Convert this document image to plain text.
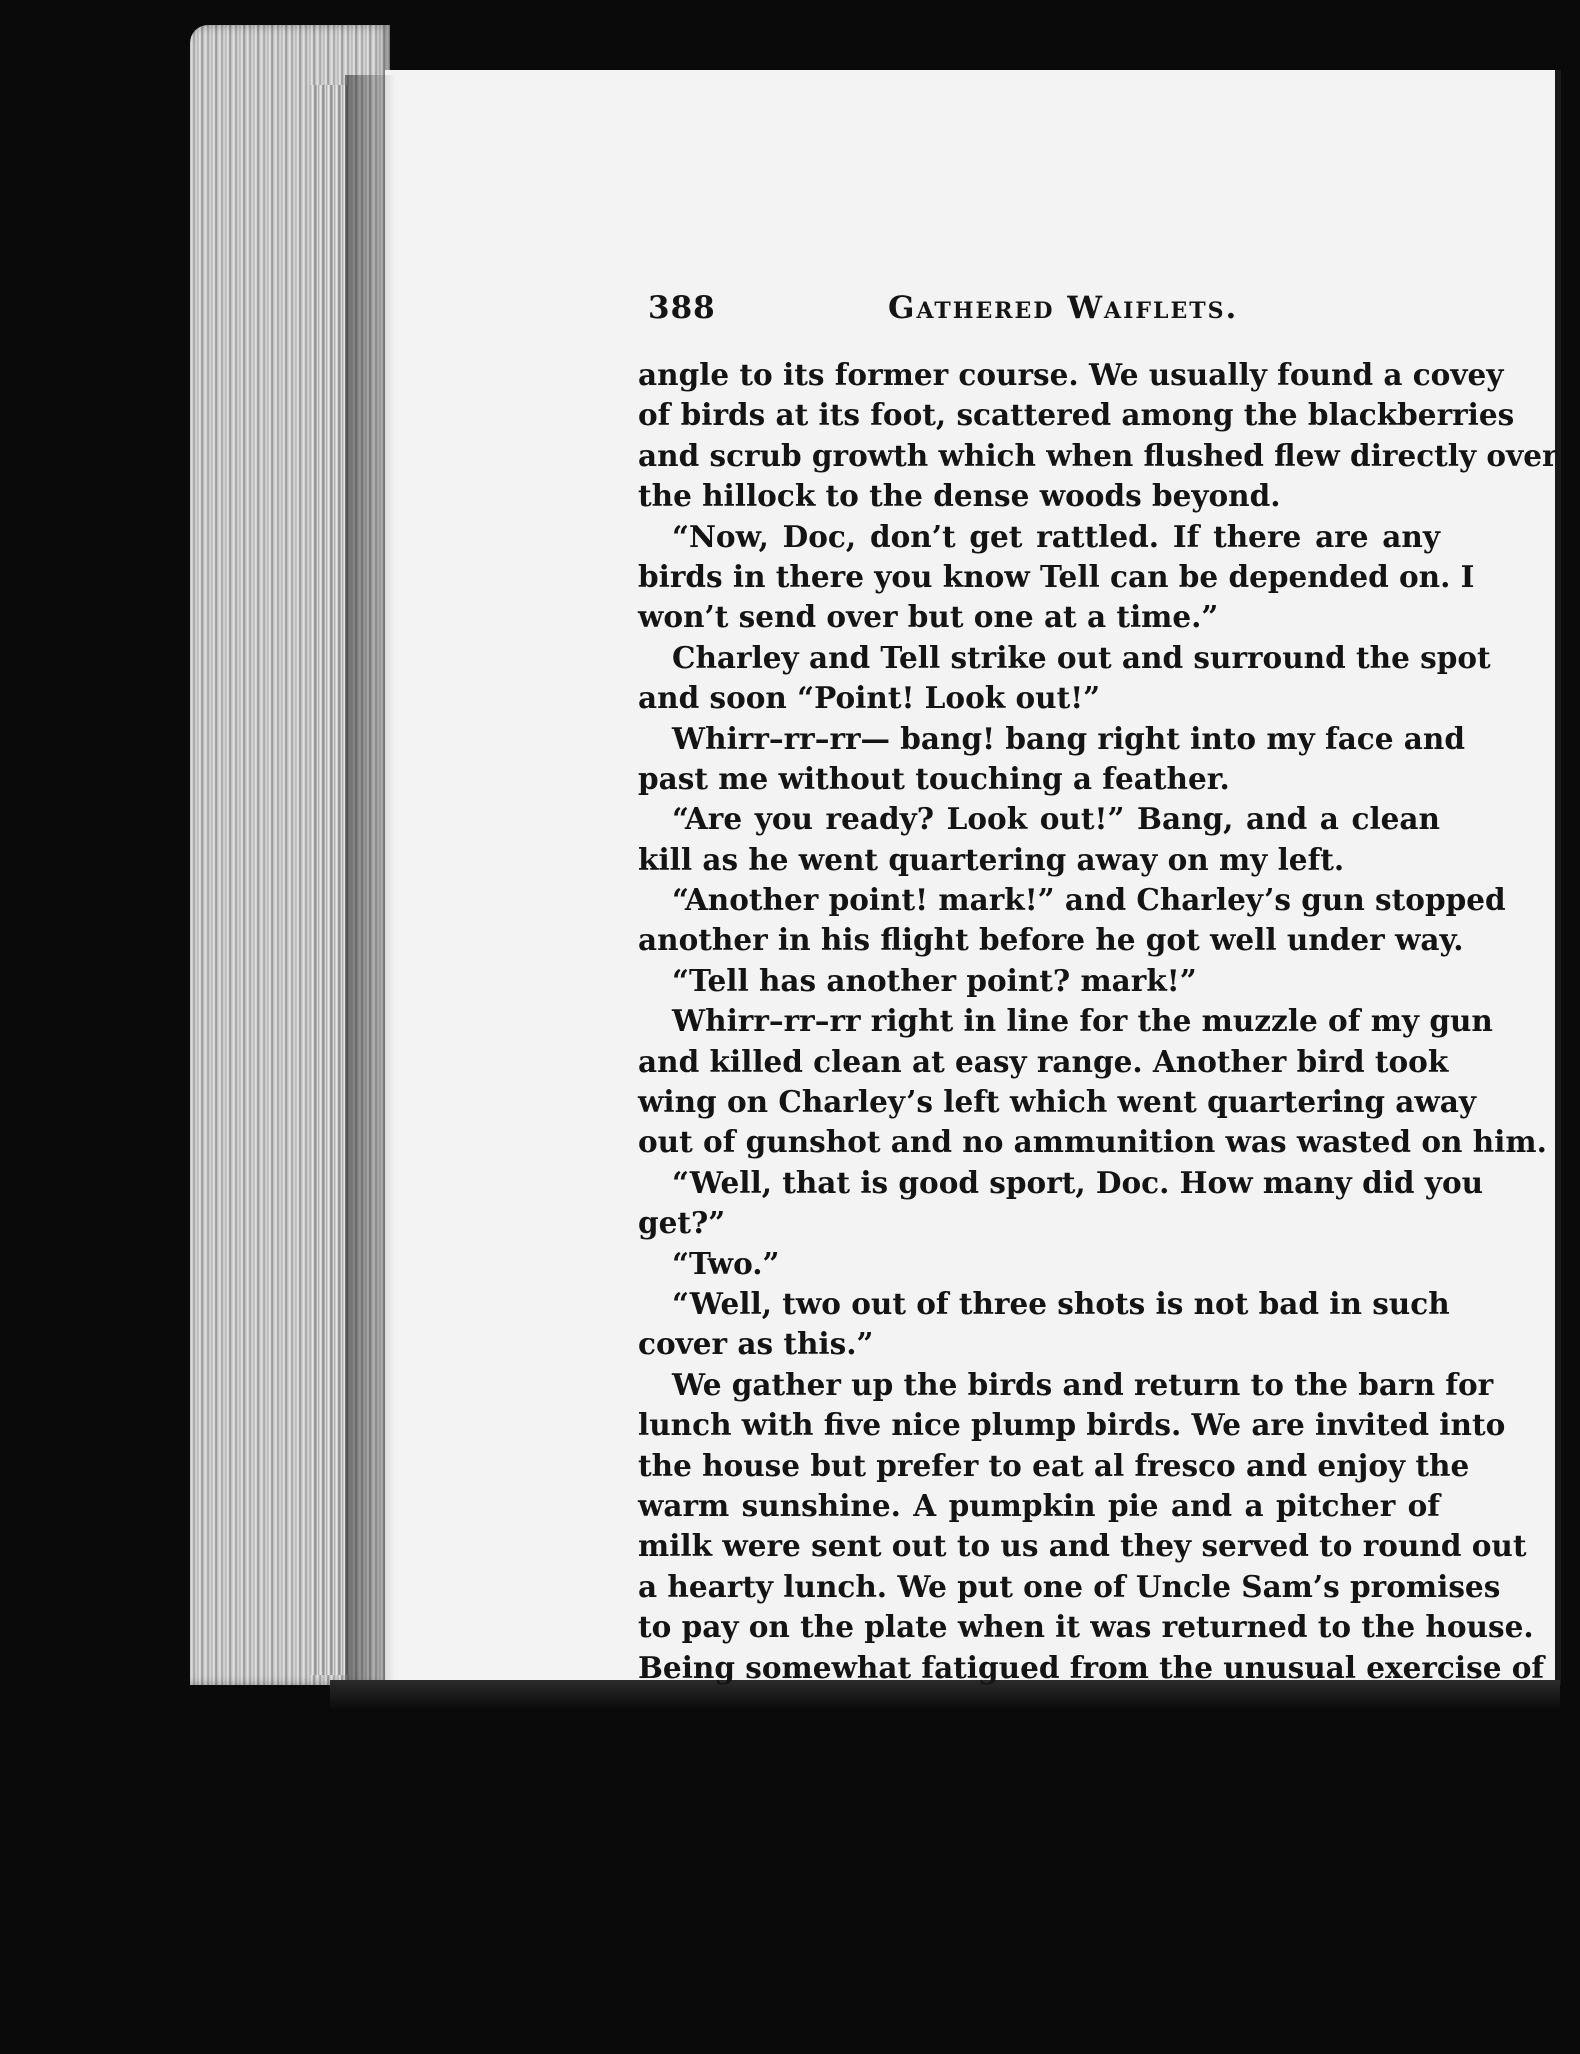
388	Gathered Waiflets.
angle to its former course. We usually found a covey
of birds at its foot, scattered among the blackberries
and scrub growth which when flushed flew directly over
the hillock to the dense woods beyond.
“Now, Doc, don’t get rattled. If there are any
birds in there you know Tell can be depended on. I
won’t send over but one at a time.”
Charley and Tell strike out and surround the spot
and soon “Point! Look out!”
Whirr–rr–rr— bang! bang right into my face and
past me without touching a feather.
“Are you ready? Look out!” Bang, and a clean
kill as he went quartering away on my left.
“Another point! mark!” and Charley’s gun stopped
another in his flight before he got well under way.
“Tell has another point? mark!”
Whirr–rr–rr right in line for the muzzle of my gun
and killed clean at easy range. Another bird took
wing on Charley’s left which went quartering away
out of gunshot and no ammunition was wasted on him.
“Well, that is good sport, Doc. How many did you
get?”
“Two.”
“Well, two out of three shots is not bad in such
cover as this.”
We gather up the birds and return to the barn for
lunch with five nice plump birds. We are invited into
the house but prefer to eat al fresco and enjoy the
warm sunshine. A pumpkin pie and a pitcher of
milk were sent out to us and they served to round out
a hearty lunch. We put one of Uncle Sam’s promises
to pay on the plate when it was returned to the house.
Being somewhat fatigued from the unusual exercise of
